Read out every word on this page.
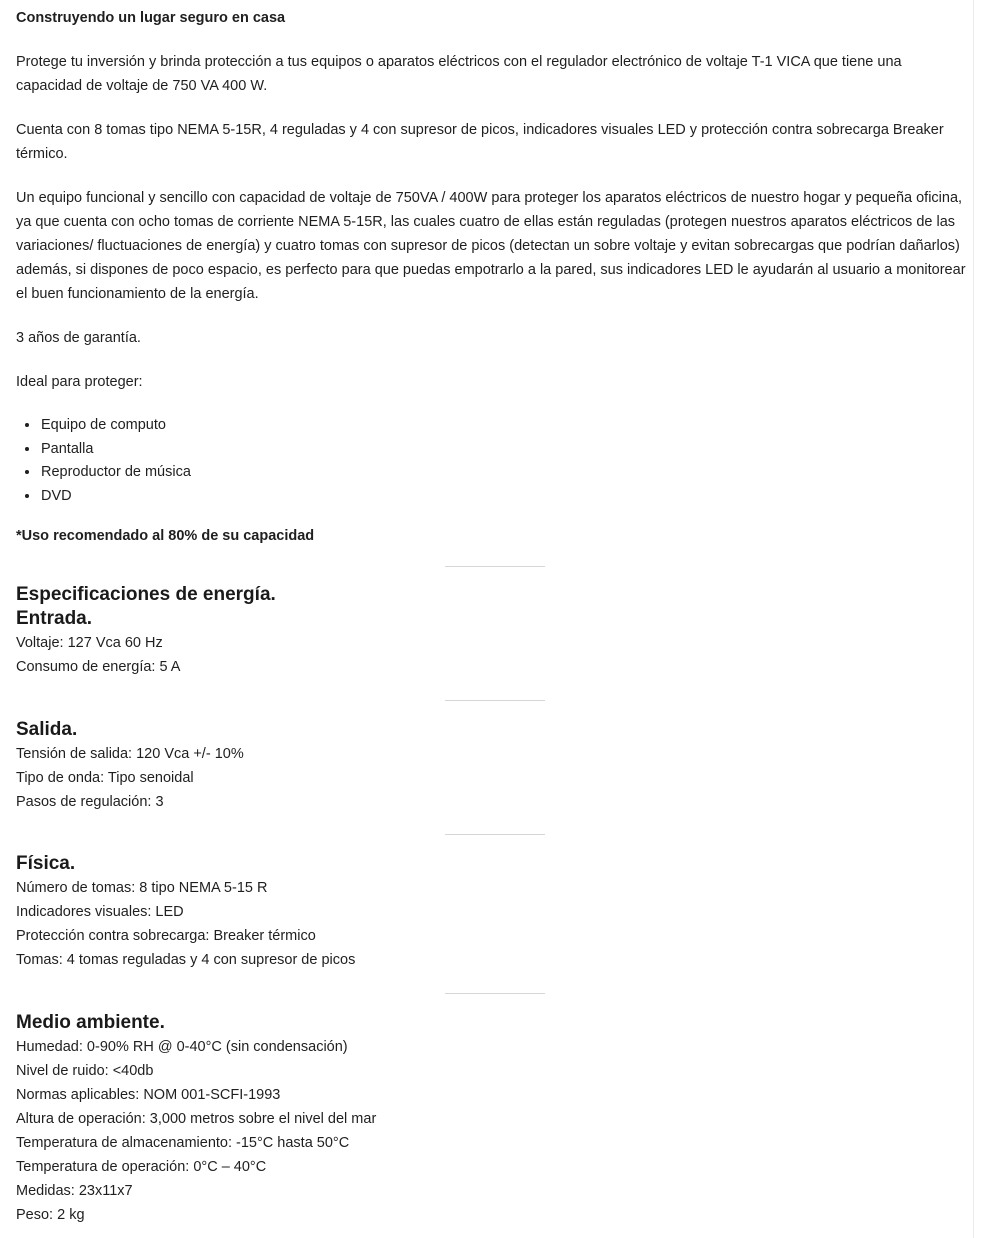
Construyendo un lugar seguro en casa

Protege tu inversión y brinda protección a tus equipos o aparatos eléctricos con el regulador electrónico de voltaje T-1 VICA que tiene una capacidad de voltaje de 750 VA 400 W.

Cuenta con 8 tomas tipo NEMA 5-15R, 4 reguladas y 4 con supresor de picos, indicadores visuales LED y protección contra sobrecarga Breaker térmico.

Un equipo funcional y sencillo con capacidad de voltaje de 750VA / 400W para proteger los aparatos eléctricos de nuestro hogar y pequeña oficina, ya que cuenta con ocho tomas de corriente NEMA 5-15R, las cuales cuatro de ellas están reguladas (protegen nuestros aparatos eléctricos de las variaciones/ fluctuaciones de energía) y cuatro tomas con supresor de picos (detectan un sobre voltaje y evitan sobrecargas que podrían dañarlos) además, si dispones de poco espacio, es perfecto para que puedas empotrarlo a la pared, sus indicadores LED le ayudarán al usuario a monitorear el buen funcionamiento de la energía.

3 años de garantía.

Ideal para proteger:

• Equipo de computo
• Pantalla
• Reproductor de música
• DVD

*Uso recomendado al 80% de su capacidad

Especificaciones de energía.
Entrada.

Voltaje: 127 Vca 60 Hz

Consumo de energía: 5 A

Salida.

Tensión de salida: 120 Vca +/- 10%

Tipo de onda: Tipo senoidal

Pasos de regulación: 3

Física.

Número de tomas: 8 tipo NEMA 5-15 R

Indicadores visuales: LED

Protección contra sobrecarga: Breaker térmico

Tomas: 4 tomas reguladas y 4 con supresor de picos

Medio ambiente.

Humedad: 0-90% RH @ 0-40°C (sin condensación)

Nivel de ruido: <40db

Normas aplicables: NOM 001-SCFI-1993

Altura de operación: 3,000 metros sobre el nivel del mar

Temperatura de almacenamiento: -15°C hasta 50°C

Temperatura de operación: 0°C – 40°C

Medidas: 23x11x7

Peso: 2 kg
